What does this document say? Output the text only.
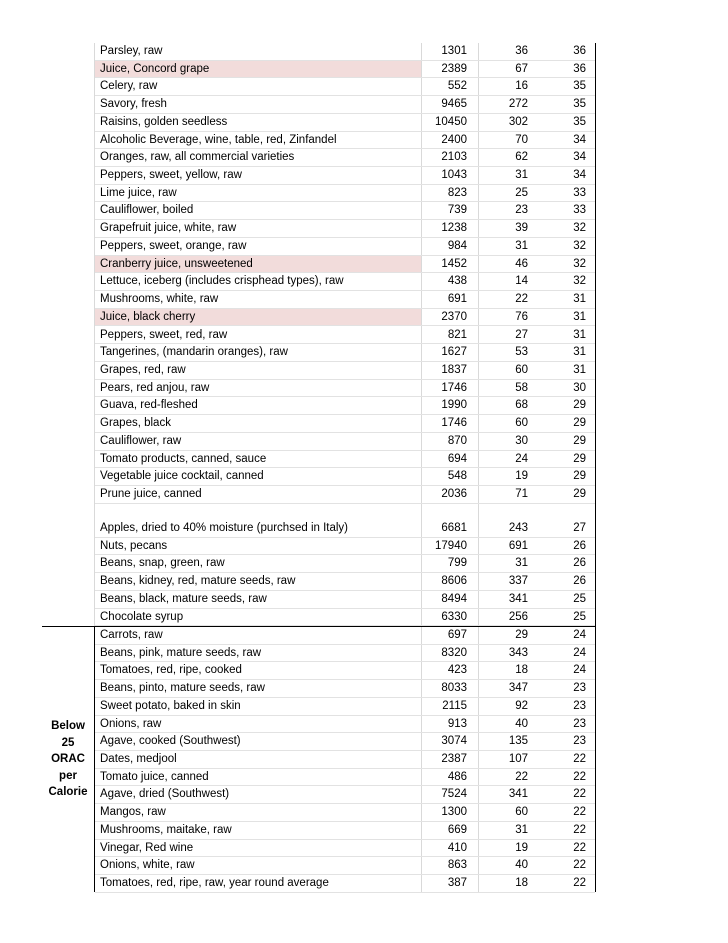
Parsley, raw	1301	36	36
Juice, Concord grape	2389	67	36
Celery, raw	552	16	35
Savory, fresh	9465	272	35
Raisins, golden seedless	10450	302	35
Alcoholic Beverage, wine, table, red, Zinfandel	2400	70	34
Oranges, raw, all commercial varieties	2103	62	34
Peppers, sweet, yellow, raw	1043	31	34
Lime juice, raw	823	25	33
Cauliflower, boiled	739	23	33
Grapefruit juice, white, raw	1238	39	32
Peppers, sweet, orange, raw	984	31	32
Cranberry juice, unsweetened	1452	46	32
Lettuce, iceberg (includes crisphead types), raw	438	14	32
Mushrooms, white, raw	691	22	31
Juice, black cherry	2370	76	31
Peppers, sweet, red, raw	821	27	31
Tangerines, (mandarin oranges), raw	1627	53	31
Grapes, red, raw	1837	60	31
Pears, red anjou, raw	1746	58	30
Guava, red-fleshed	1990	68	29
Grapes, black	1746	60	29
Cauliflower, raw	870	30	29
Tomato products, canned, sauce	694	24	29
Vegetable juice cocktail, canned	548	19	29
Prune juice, canned	2036	71	29
Apples, dried to 40% moisture (purchsed in Italy)	6681	243	27
Nuts, pecans	17940	691	26
Beans, snap, green, raw	799	31	26
Beans, kidney, red, mature seeds, raw	8606	337	26
Beans, black, mature seeds, raw	8494	341	25
Chocolate syrup	6330	256	25
Carrots, raw	697	29	24
Beans, pink, mature seeds, raw	8320	343	24
Tomatoes, red, ripe, cooked	423	18	24
Beans, pinto, mature seeds, raw	8033	347	23
Sweet potato, baked in skin	2115	92	23
Onions, raw	913	40	23
Agave, cooked (Southwest)	3074	135	23
Dates, medjool	2387	107	22
Tomato juice, canned	486	22	22
Agave, dried (Southwest)	7524	341	22
Mangos, raw	1300	60	22
Mushrooms, maitake, raw	669	31	22
Vinegar, Red wine	410	19	22
Onions, white, raw	863	40	22
Tomatoes, red, ripe, raw, year round average	387	18	22
Below
25
ORAC
per
Calorie
